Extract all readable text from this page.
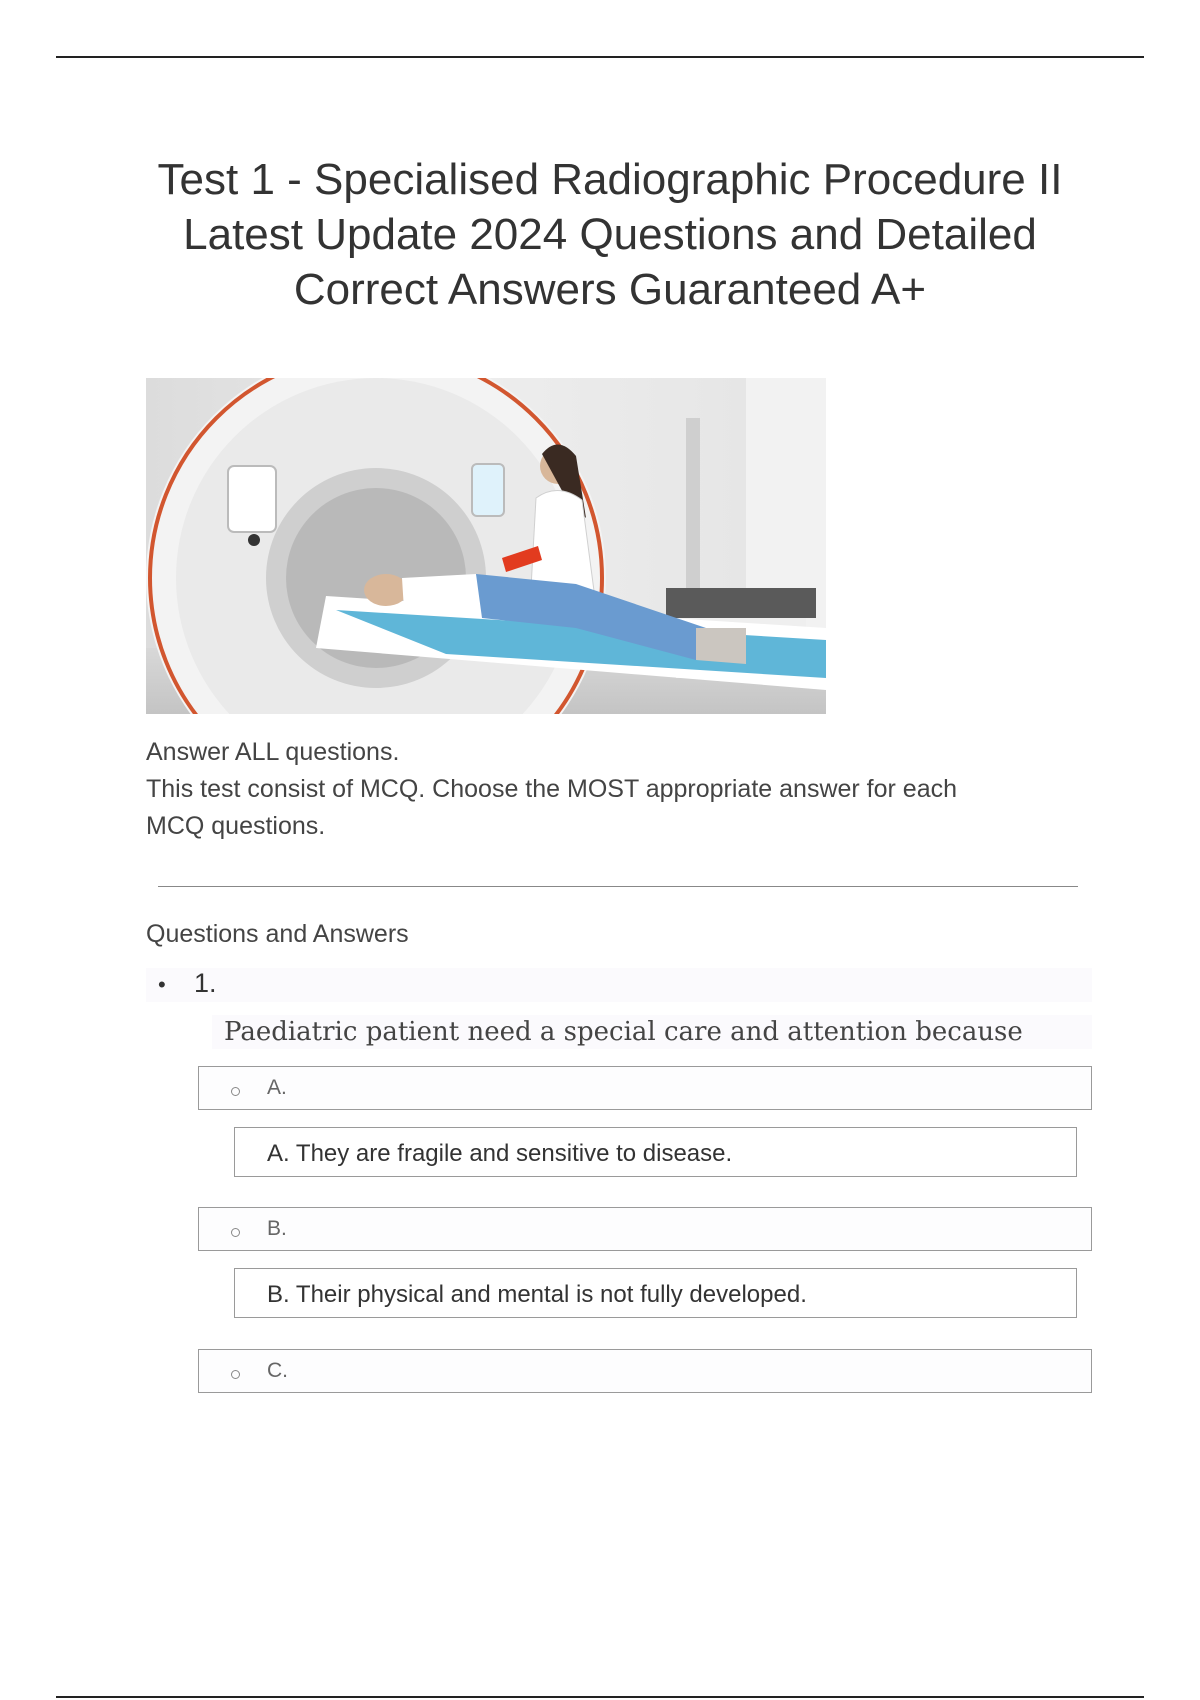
Test 1 - Specialised Radiographic Procedure II
Latest Update 2024 Questions and Detailed
Correct Answers Guaranteed A+

Answer ALL questions.

This test consist of MCQ. Choose the MOST appropriate answer for each

MCQ questions.

Questions and Answers
• 1.
Paediatric patient need a special care and attention because
A.
A. They are fragile and sensitive to disease.
B.
B. Their physical and mental is not fully developed.
C.
